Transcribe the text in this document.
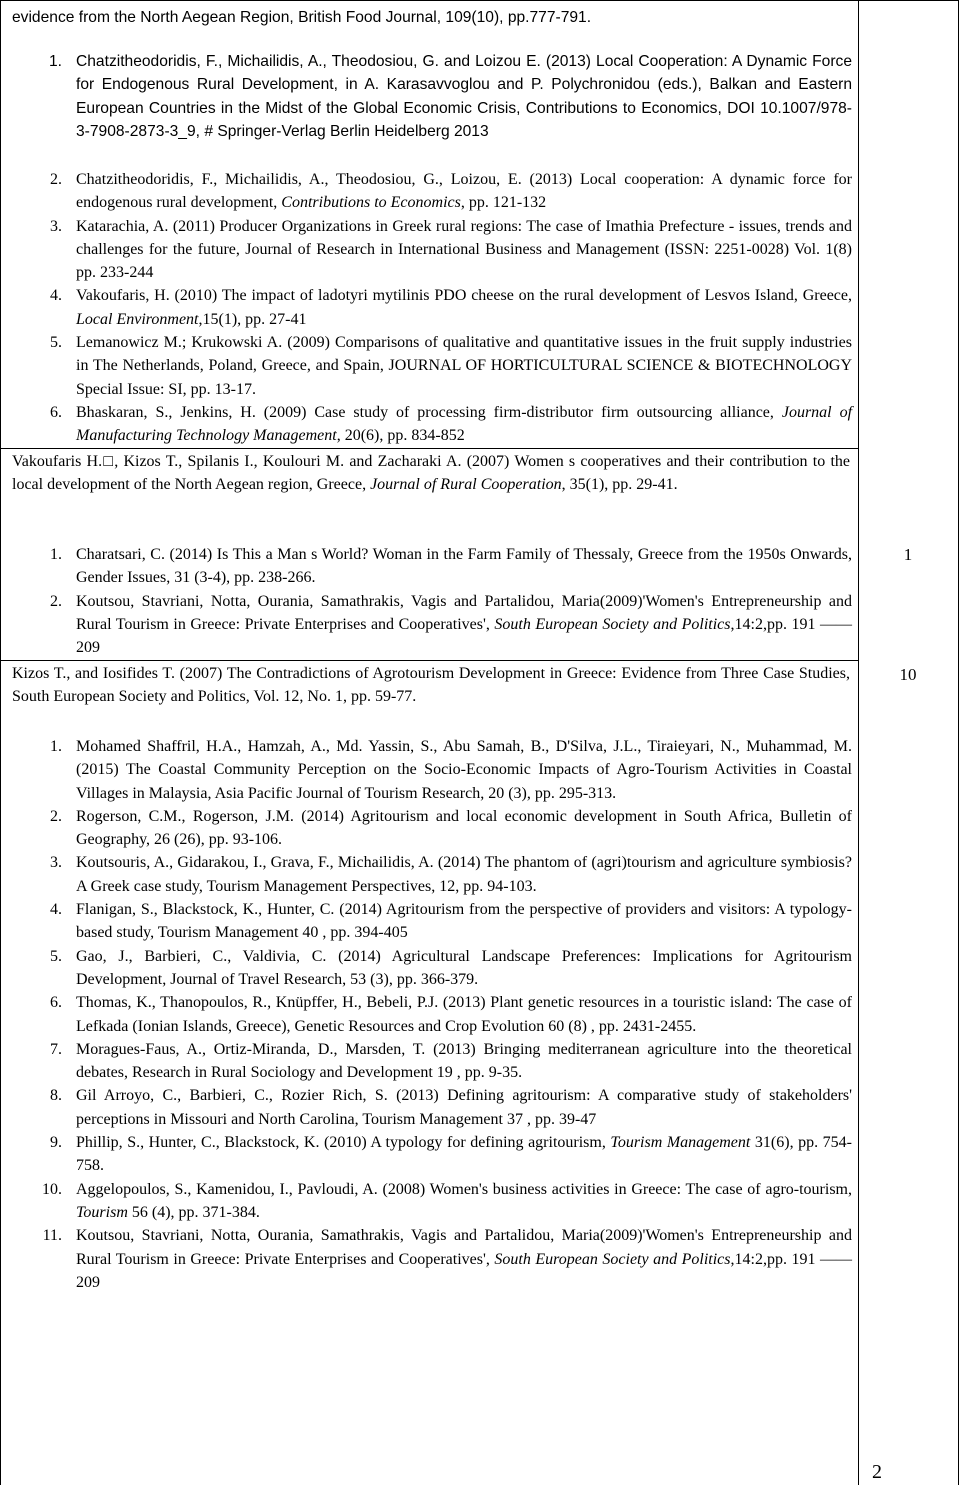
evidence from the North Aegean Region, British Food Journal, 109(10), pp.777-791.
1. Chatzitheodoridis, F., Michailidis, A., Theodosiou, G. and Loizou E. (2013) Local Cooperation: A Dynamic Force for Endogenous Rural Development, in A. Karasavvoglou and P. Polychronidou (eds.), Balkan and Eastern European Countries in the Midst of the Global Economic Crisis, Contributions to Economics, DOI 10.1007/978-3-7908-2873-3_9, # Springer-Verlag Berlin Heidelberg 2013
2. Chatzitheodoridis, F., Michailidis, A., Theodosiou, G., Loizou, E. (2013) Local cooperation: A dynamic force for endogenous rural development, Contributions to Economics, pp. 121-132
3. Katarachia, A. (2011) Producer Organizations in Greek rural regions: The case of Imathia Prefecture - issues, trends and challenges for the future, Journal of Research in International Business and Management (ISSN: 2251-0028) Vol. 1(8) pp. 233-244
4. Vakoufaris, H. (2010) The impact of ladotyri mytilinis PDO cheese on the rural development of Lesvos Island, Greece, Local Environment,15(1), pp. 27-41
5. Lemanowicz M.; Krukowski A. (2009) Comparisons of qualitative and quantitative issues in the fruit supply industries in The Netherlands, Poland, Greece, and Spain, JOURNAL OF HORTICULTURAL SCIENCE & BIOTECHNOLOGY Special Issue: SI, pp. 13-17.
6. Bhaskaran, S., Jenkins, H. (2009) Case study of processing firm-distributor firm outsourcing alliance, Journal of Manufacturing Technology Management, 20(6), pp. 834-852
Vakoufaris H.□, Kizos T., Spilanis I., Koulouri M. and Zacharaki A. (2007) Women s cooperatives and their contribution to the local development of the North Aegean region, Greece, Journal of Rural Cooperation, 35(1), pp. 29-41.
1. Charatsari, C. (2014) Is This a Man s World? Woman in the Farm Family of Thessaly, Greece from the 1950s Onwards, Gender Issues, 31 (3-4), pp. 238-266.
2. Koutsou, Stavriani, Notta, Ourania, Samathrakis, Vagis and Partalidou, Maria(2009)'Women's Entrepreneurship and Rural Tourism in Greece: Private Enterprises and Cooperatives', South European Society and Politics,14:2,pp. 191 —— 209
1
Kizos T., and Iosifides T. (2007) The Contradictions of Agrotourism Development in Greece: Evidence from Three Case Studies, South European Society and Politics, Vol. 12, No. 1, pp. 59-77.
10
1. Mohamed Shaffril, H.A., Hamzah, A., Md. Yassin, S., Abu Samah, B., D'Silva, J.L., Tiraieyari, N., Muhammad, M. (2015) The Coastal Community Perception on the Socio-Economic Impacts of Agro-Tourism Activities in Coastal Villages in Malaysia, Asia Pacific Journal of Tourism Research, 20 (3), pp. 295-313.
2. Rogerson, C.M., Rogerson, J.M. (2014) Agritourism and local economic development in South Africa, Bulletin of Geography, 26 (26), pp. 93-106.
3. Koutsouris, A., Gidarakou, I., Grava, F., Michailidis, A. (2014) The phantom of (agri)tourism and agriculture symbiosis? A Greek case study, Tourism Management Perspectives, 12, pp. 94-103.
4. Flanigan, S., Blackstock, K., Hunter, C. (2014) Agritourism from the perspective of providers and visitors: A typology-based study, Tourism Management 40 , pp. 394-405
5. Gao, J., Barbieri, C., Valdivia, C. (2014) Agricultural Landscape Preferences: Implications for Agritourism Development, Journal of Travel Research, 53 (3), pp. 366-379.
6. Thomas, K., Thanopoulos, R., Knüpffer, H., Bebeli, P.J. (2013) Plant genetic resources in a touristic island: The case of Lefkada (Ionian Islands, Greece), Genetic Resources and Crop Evolution 60 (8) , pp. 2431-2455.
7. Moragues-Faus, A., Ortiz-Miranda, D., Marsden, T. (2013) Bringing mediterranean agriculture into the theoretical debates, Research in Rural Sociology and Development 19 , pp. 9-35.
8. Gil Arroyo, C., Barbieri, C., Rozier Rich, S. (2013) Defining agritourism: A comparative study of stakeholders' perceptions in Missouri and North Carolina, Tourism Management 37 , pp. 39-47
9. Phillip, S., Hunter, C., Blackstock, K. (2010) A typology for defining agritourism, Tourism Management 31(6), pp. 754-758.
10. Aggelopoulos, S., Kamenidou, I., Pavloudi, A. (2008) Women's business activities in Greece: The case of agro-tourism, Tourism 56 (4), pp. 371-384.
11. Koutsou, Stavriani, Notta, Ourania, Samathrakis, Vagis and Partalidou, Maria(2009)'Women's Entrepreneurship and Rural Tourism in Greece: Private Enterprises and Cooperatives', South European Society and Politics,14:2,pp. 191 —— 209
2
